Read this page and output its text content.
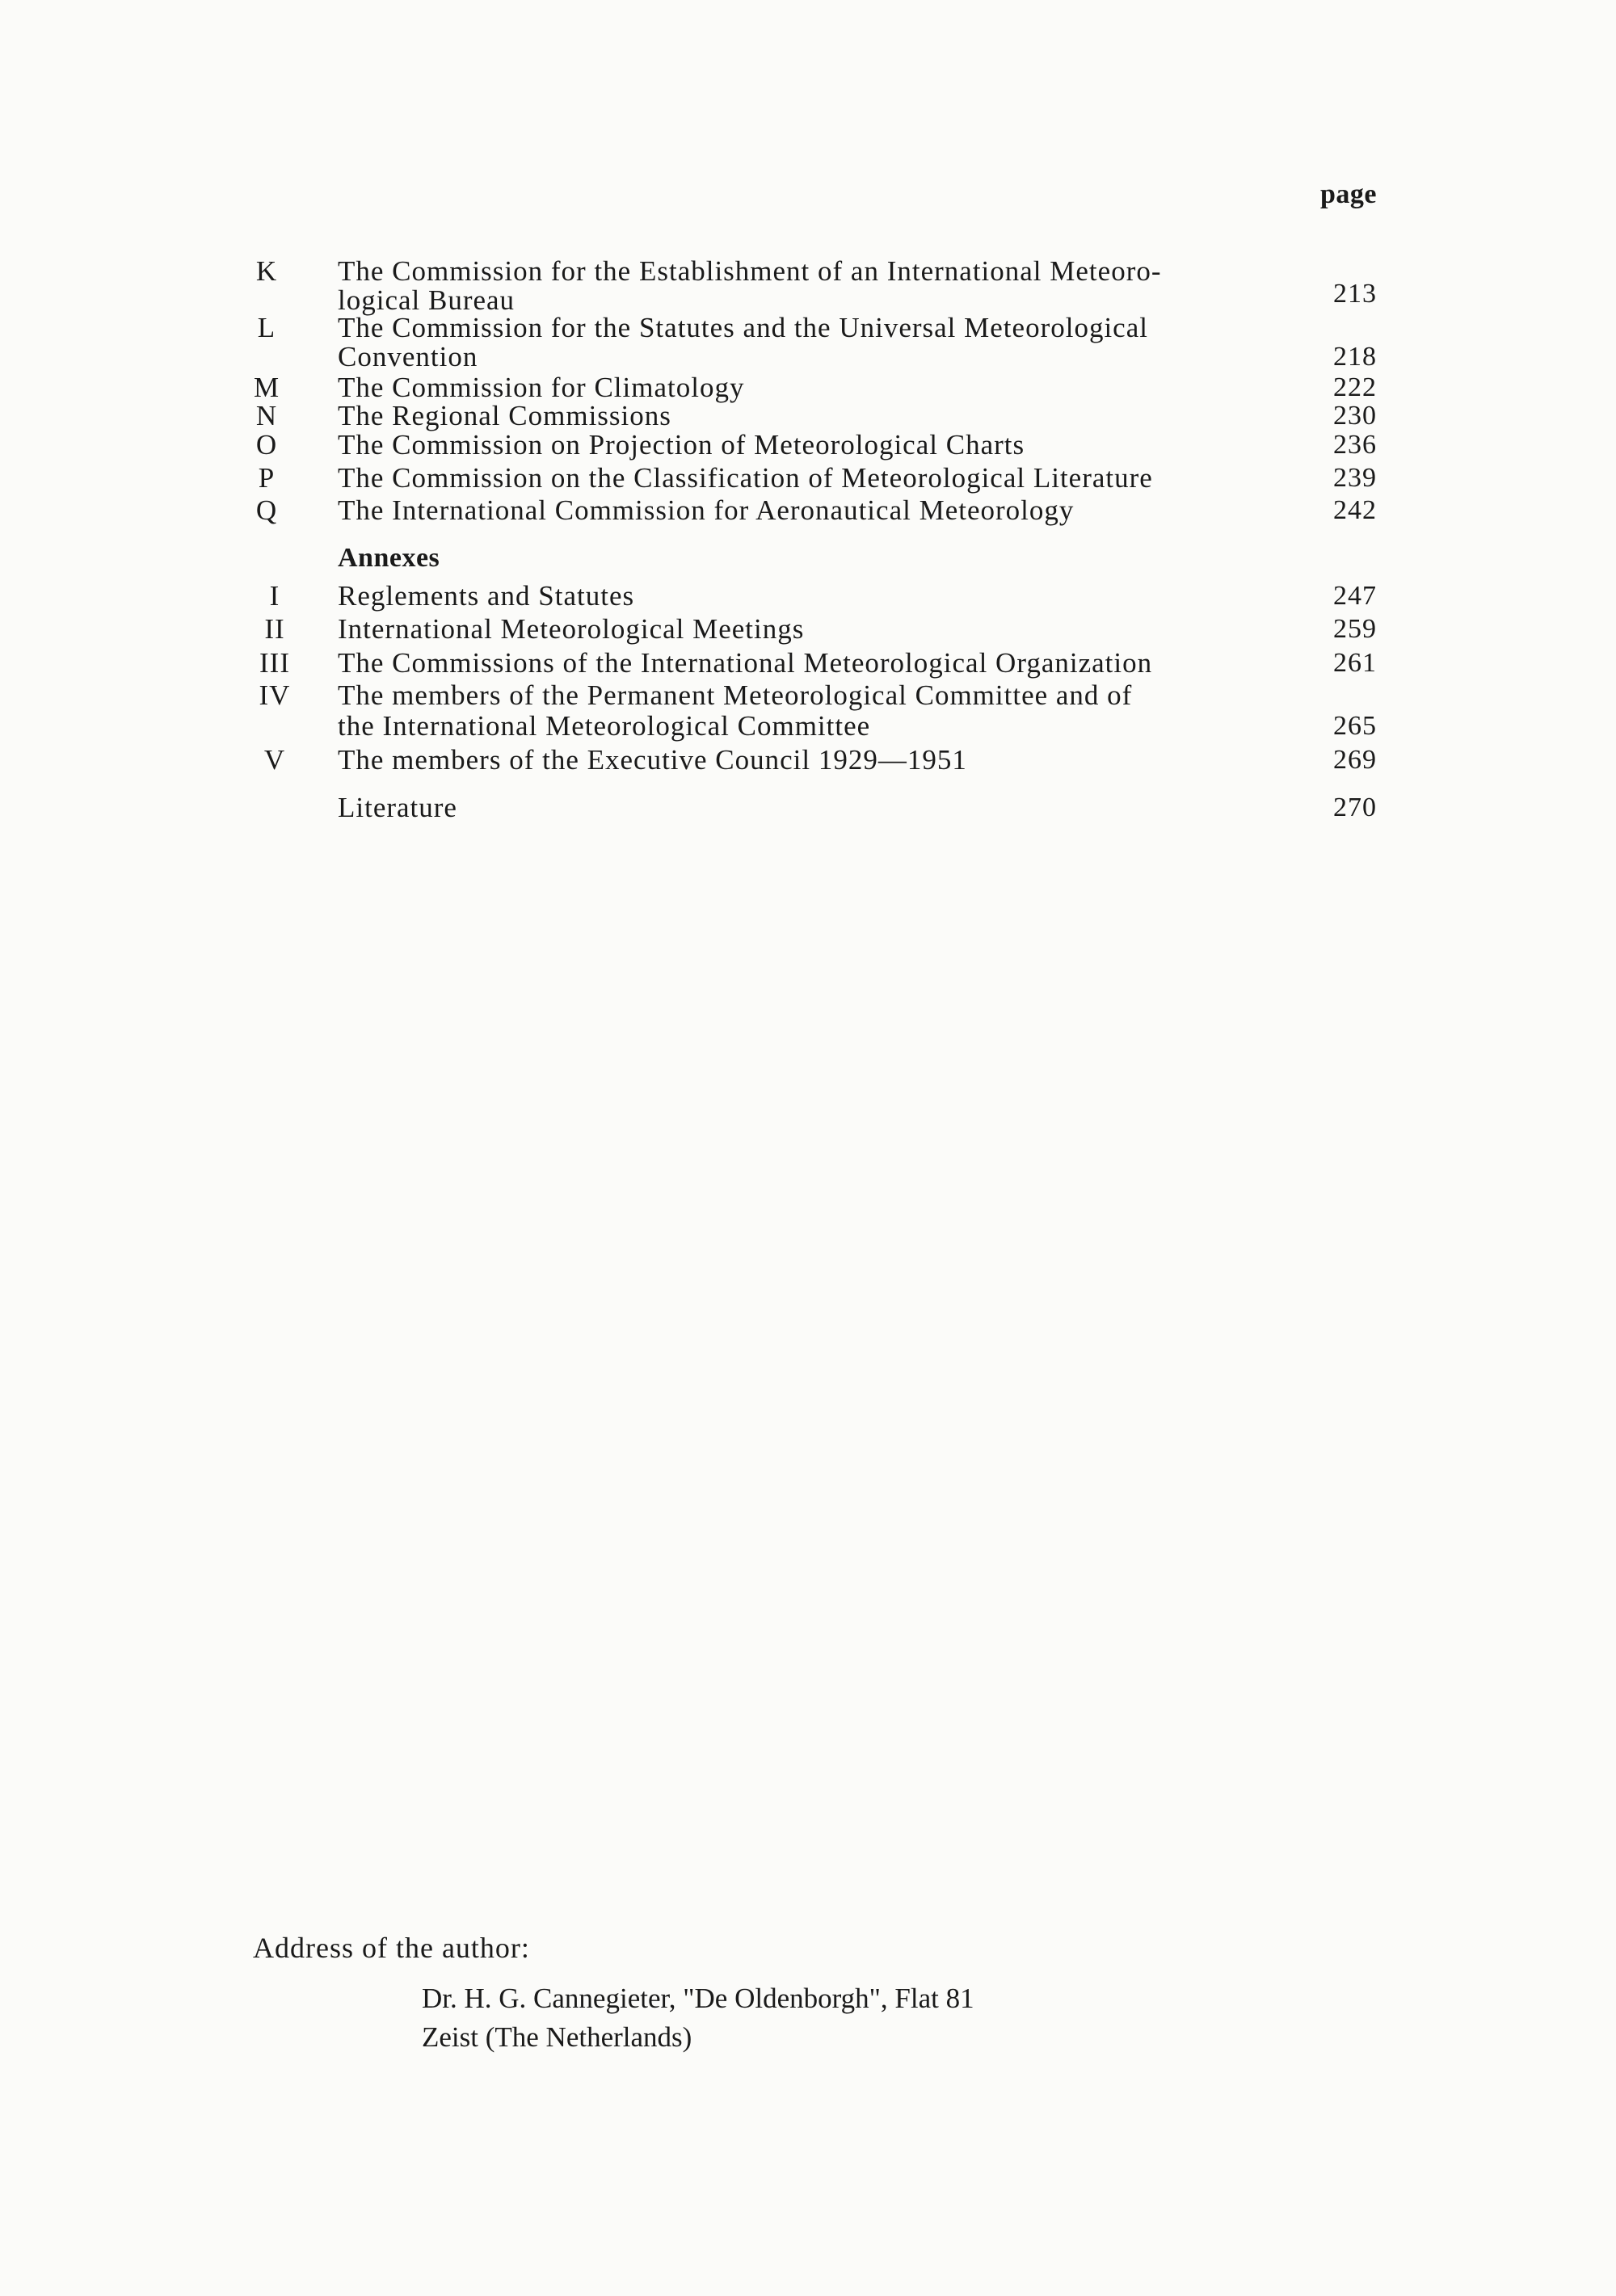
page
K	The Commission for the Establishment of an International Meteoro-
logical Bureau	213
L	The Commission for the Statutes and the Universal Meteorological
Convention	218
M	The Commission for Climatology	222
N	The Regional Commissions	230
O	The Commission on Projection of Meteorological Charts	236
P	The Commission on the Classification of Meteorological Literature	239
Q	The International Commission for Aeronautical Meteorology	242
Annexes
I	Reglements and Statutes	247
II	International Meteorological Meetings	259
III	The Commissions of the International Meteorological Organization	261
IV	The members of the Permanent Meteorological Committee and of
the International Meteorological Committee	265
V	The members of the Executive Council 1929—1951	269
Literature	270
Address of the author:
Dr. H. G. Cannegieter, "De Oldenborgh", Flat 81
Zeist (The Netherlands)
